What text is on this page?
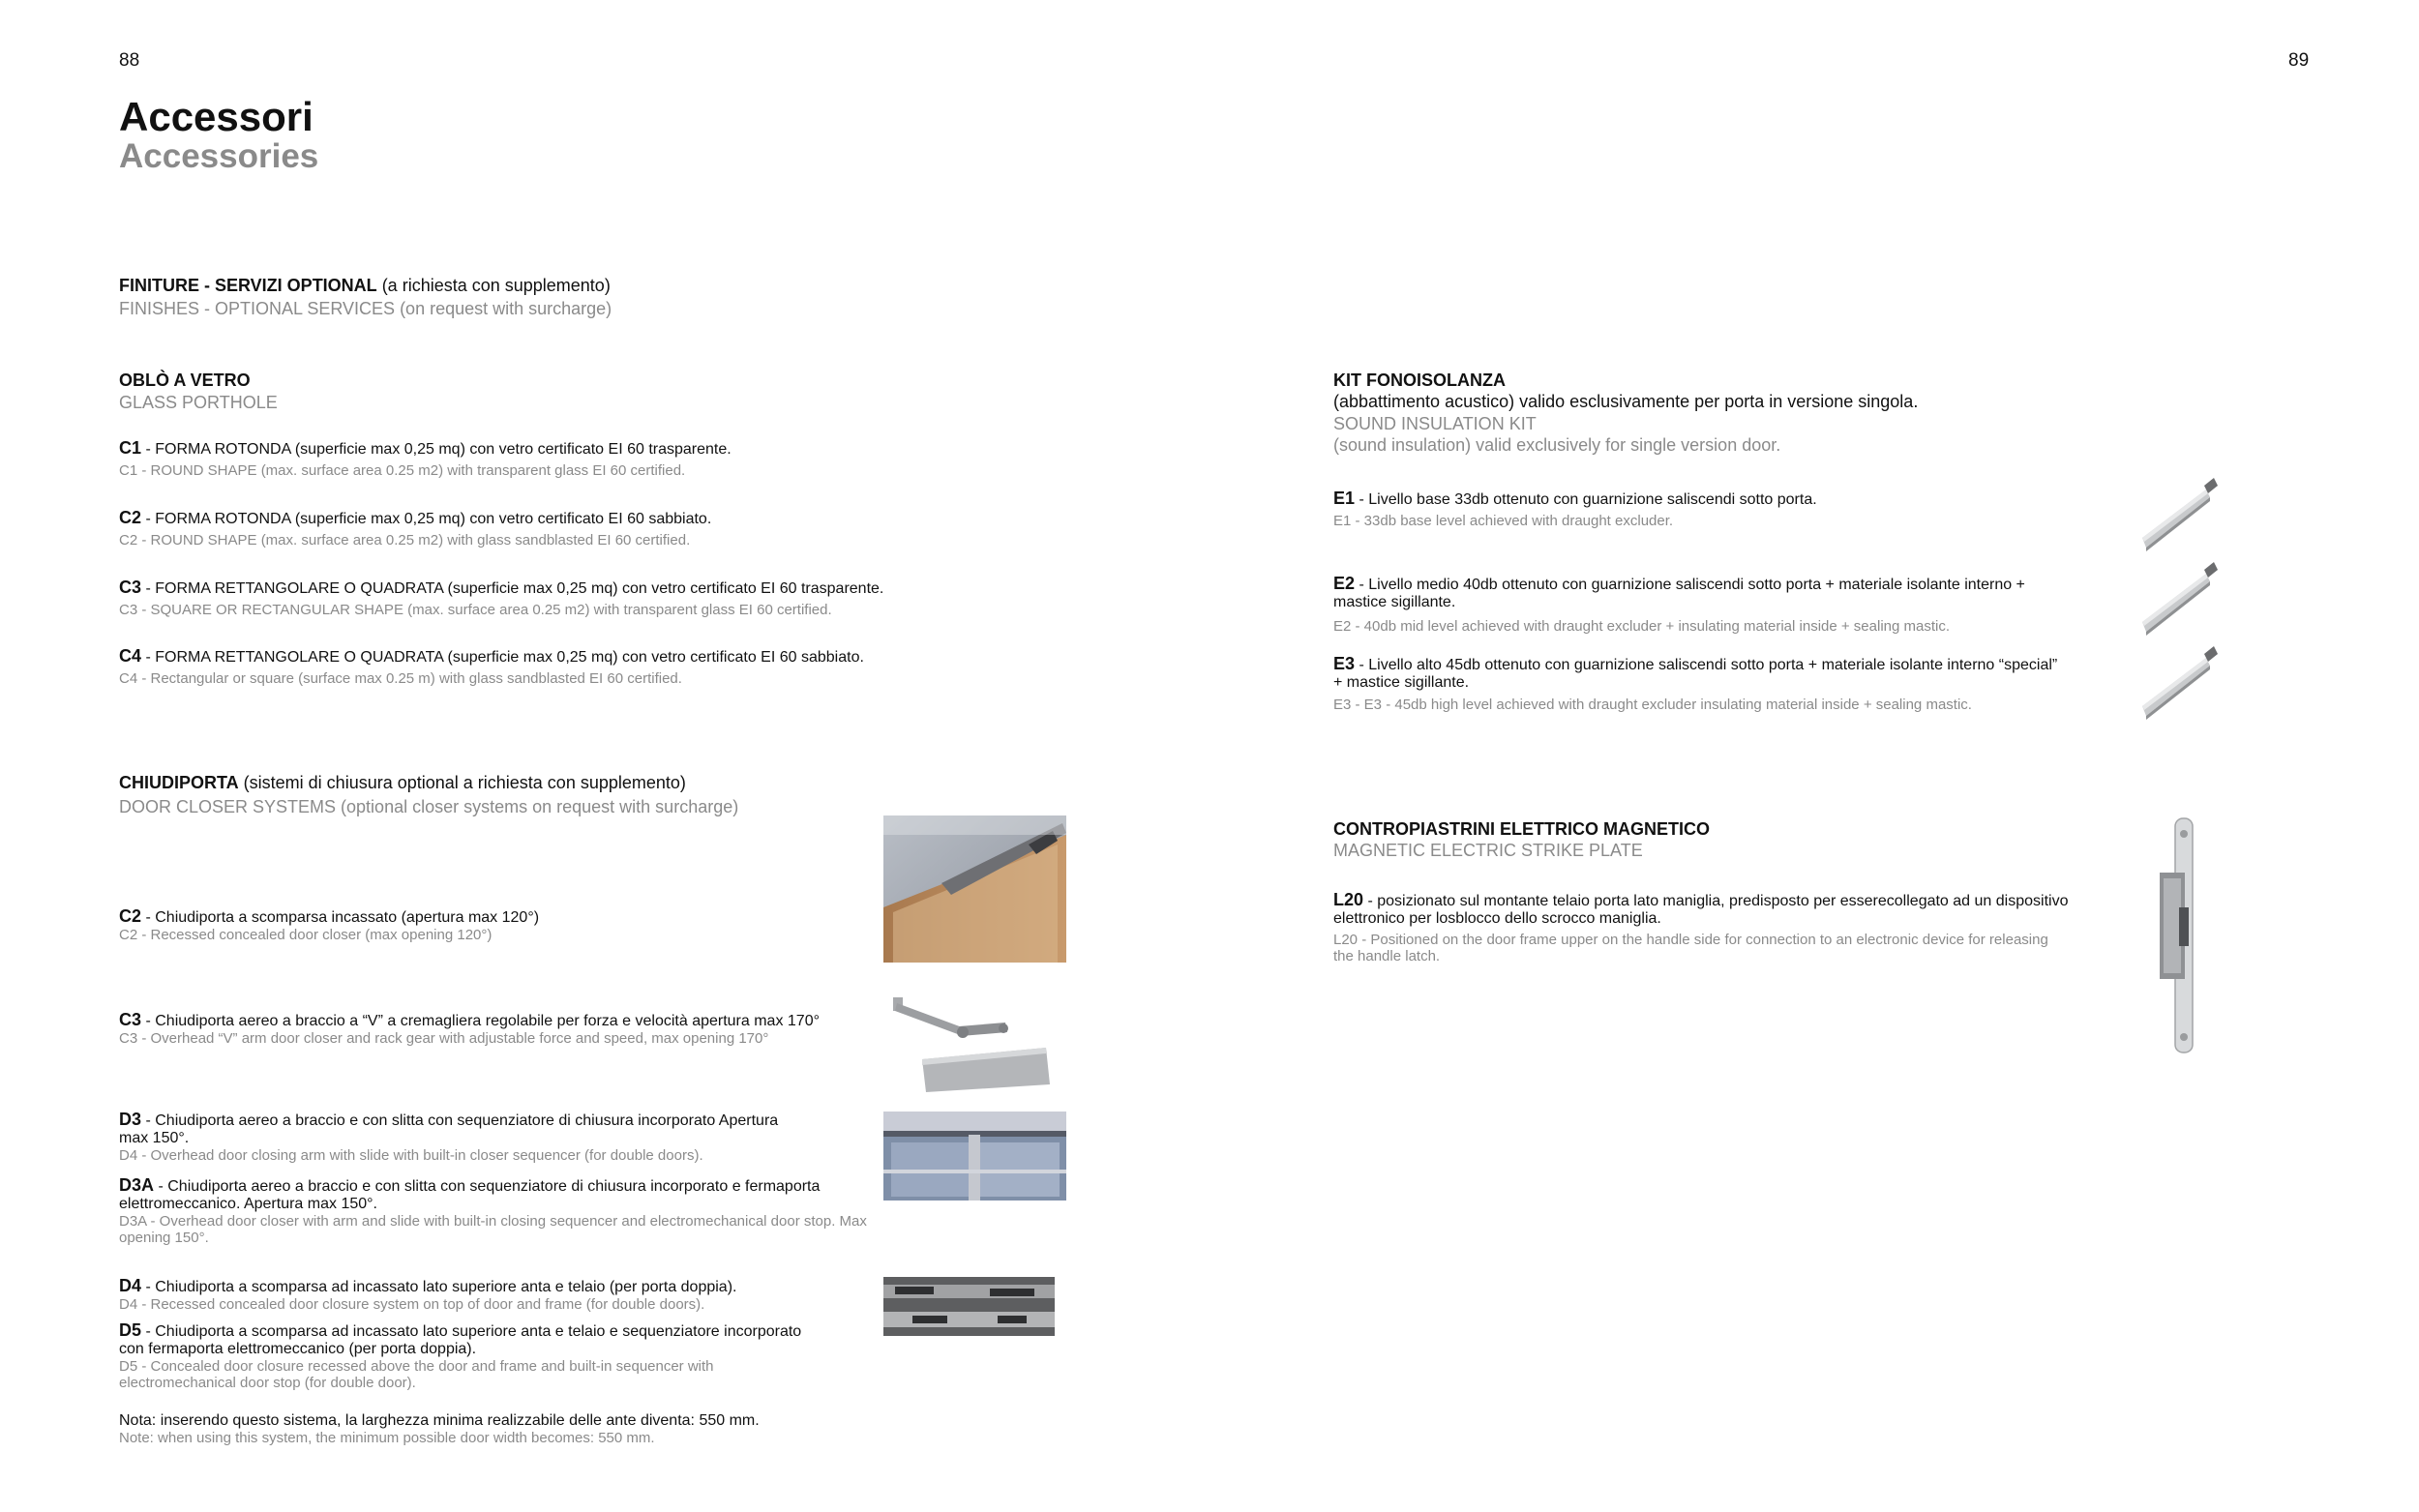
88	89
Accessori
Accessories
FINITURE - SERVIZI OPTIONAL (a richiesta con supplemento)
FINISHES - OPTIONAL SERVICES (on request with surcharge)
OBLÒ A VETRO
GLASS PORTHOLE
C1 - FORMA ROTONDA (superficie max 0,25 mq) con vetro certificato EI 60 trasparente.
C1 - ROUND SHAPE (max. surface area 0.25 m2) with transparent glass EI 60 certified.
C2 - FORMA ROTONDA (superficie max 0,25 mq) con vetro certificato EI 60 sabbiato.
C2 - ROUND SHAPE (max. surface area 0.25 m2) with glass sandblasted EI 60 certified.
C3 - FORMA RETTANGOLARE O QUADRATA (superficie max 0,25 mq) con vetro certificato EI 60 trasparente.
C3 - SQUARE OR RECTANGULAR SHAPE (max. surface area 0.25 m2) with transparent glass EI 60 certified.
C4 - FORMA RETTANGOLARE O QUADRATA (superficie max 0,25 mq) con vetro certificato EI 60 sabbiato.
C4 - Rectangular or square (surface max 0.25 m) with glass sandblasted EI 60 certified.
CHIUDIPORTA (sistemi di chiusura optional a richiesta con supplemento)
DOOR CLOSER SYSTEMS (optional closer systems on request with surcharge)
C2 - Chiudiporta a scomparsa incassato (apertura max 120°)
C2 - Recessed concealed door closer (max opening 120°)
C3 - Chiudiporta aereo a braccio a “V” a cremagliera regolabile per forza e velocità apertura max 170°
C3 - Overhead “V” arm door closer and rack gear with adjustable force and speed, max opening 170°
D3 - Chiudiporta aereo a braccio e con slitta con sequenziatore di chiusura incorporato Apertura max 150°.
D4 - Overhead door closing arm with slide with built-in closer sequencer (for double doors).
D3A - Chiudiporta aereo a braccio e con slitta con sequenziatore di chiusura incorporato e fermaporta elettromeccanico. Apertura max 150°.
D3A - Overhead door closer with arm and slide with built-in closing sequencer and electromechanical door stop. Max opening 150°.
D4 - Chiudiporta a scomparsa ad incassato lato superiore anta e telaio (per porta doppia).
D4 - Recessed concealed door closure system on top of door and frame (for double doors).
D5 - Chiudiporta a scomparsa ad incassato lato superiore anta e telaio e sequenziatore incorporato con fermaporta elettromeccanico (per porta doppia).
D5 - Concealed door closure recessed above the door and frame and built-in sequencer with electromechanical door stop (for double door).
Nota: inserendo questo sistema, la larghezza minima realizzabile delle ante diventa: 550 mm.
Note: when using this system, the minimum possible door width becomes: 550 mm.
KIT FONOISOLANZA
(abbattimento acustico) valido esclusivamente per porta in versione singola.
SOUND INSULATION KIT
(sound insulation) valid exclusively for single version door.
E1 - Livello base 33db ottenuto con guarnizione saliscendi sotto porta.
E1 - 33db base level achieved with draught excluder.
E2 - Livello medio 40db ottenuto con guarnizione saliscendi sotto porta + materiale isolante interno + mastice sigillante.
E2 - 40db mid level achieved with draught excluder + insulating material inside + sealing mastic.
E3 - Livello alto 45db ottenuto con guarnizione saliscendi sotto porta + materiale isolante interno “special” + mastice sigillante.
E3 - E3 - 45db high level achieved with draught excluder insulating material inside + sealing mastic.
CONTROPIASTRINI ELETTRICO MAGNETICO
MAGNETIC ELECTRIC STRIKE PLATE
L20 - posizionato sul montante telaio porta lato maniglia, predisposto per esserecollegato ad un dispositivo elettronico per losblocco dello scrocco maniglia.
L20 - Positioned on the door frame upper on the handle side for connection to an electronic device for releasing the handle latch.
